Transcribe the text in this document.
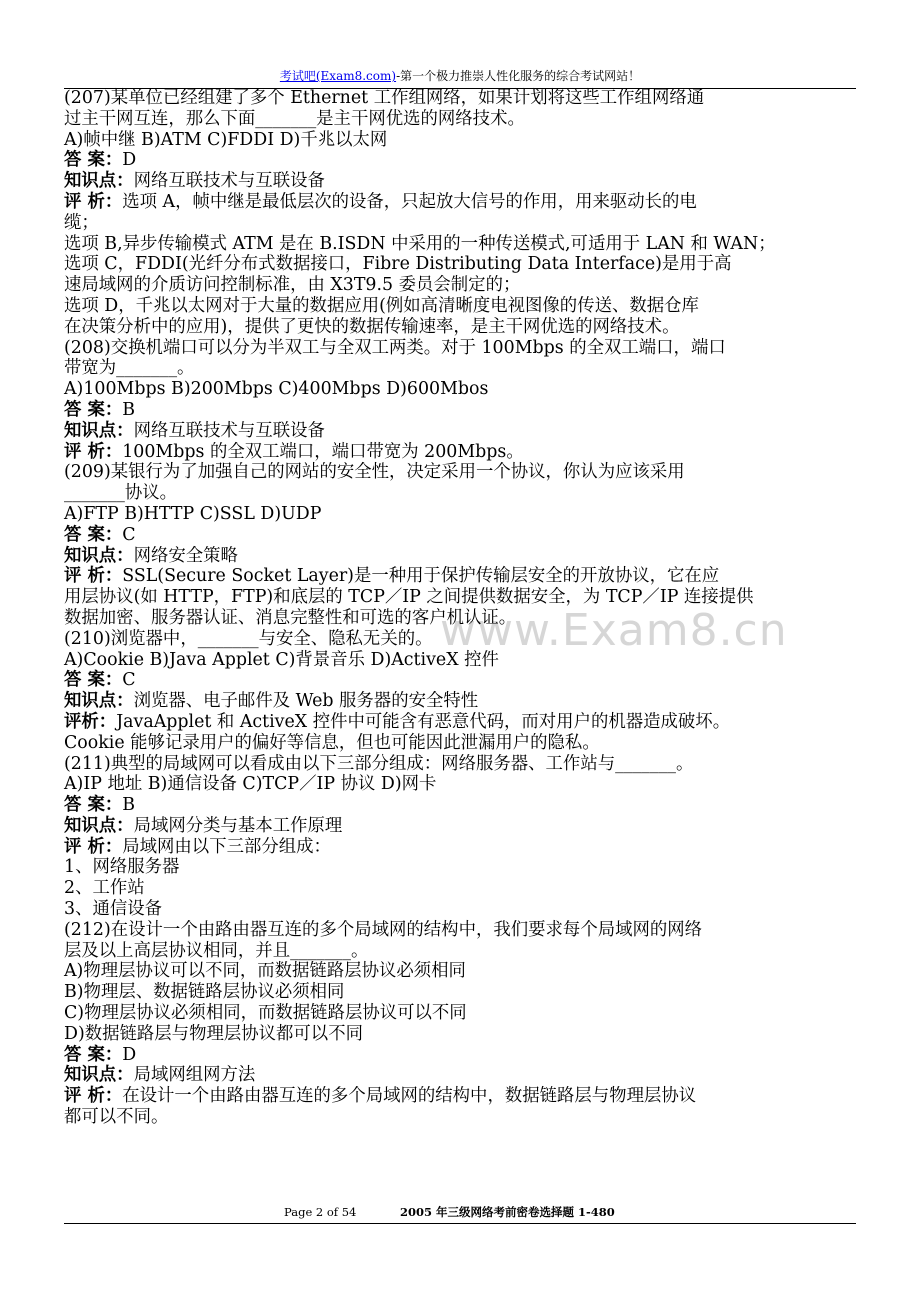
考试吧(Exam8.com)-第一个极力推崇人性化服务的综合考试网站！
www.Exam8.cn
(207)某单位已经组建了多个 Ethernet 工作组网络，如果计划将这些工作组网络通
过主干网互连，那么下面_______是主干网优选的网络技术。
A)帧中继 B)ATM C)FDDI D)千兆以太网
答 案：D
知识点：网络互联技术与互联设备
评 析：选项 A，帧中继是最低层次的设备，只起放大信号的作用，用来驱动长的电
缆；
选项 B,异步传输模式 ATM 是在 B.ISDN 中采用的一种传送模式,可适用于 LAN 和 WAN；
选项 C，FDDI(光纤分布式数据接口，Fibre Distributing Data Interface)是用于高
速局域网的介质访问控制标准，由 X3T9.5 委员会制定的；
选项 D，千兆以太网对于大量的数据应用(例如高清晰度电视图像的传送、数据仓库
在决策分析中的应用)，提供了更快的数据传输速率，是主干网优选的网络技术。
(208)交换机端口可以分为半双工与全双工两类。对于 100Mbps 的全双工端口，端口
带宽为_______。
A)100Mbps B)200Mbps C)400Mbps D)600Mbos
答 案：B
知识点：网络互联技术与互联设备
评 析：100Mbps 的全双工端口，端口带宽为 200Mbps。
(209)某银行为了加强自己的网站的安全性，决定采用一个协议，你认为应该采用
_______协议。
A)FTP B)HTTP C)SSL D)UDP
答 案：C
知识点：网络安全策略
评 析：SSL(Secure Socket Layer)是一种用于保护传输层安全的开放协议，它在应
用层协议(如 HTTP，FTP)和底层的 TCP／IP 之间提供数据安全，为 TCP／IP 连接提供
数据加密、服务器认证、消息完整性和可选的客户机认证。
(210)浏览器中，_______与安全、隐私无关的。
A)Cookie B)Java Applet C)背景音乐 D)ActiveX 控件
答 案：C
知识点：浏览器、电子邮件及 Web 服务器的安全特性
评析：JavaApplet 和 ActiveX 控件中可能含有恶意代码，而对用户的机器造成破坏。
Cookie 能够记录用户的偏好等信息，但也可能因此泄漏用户的隐私。
(211)典型的局域网可以看成由以下三部分组成：网络服务器、工作站与_______。
A)IP 地址 B)通信设备 C)TCP／IP 协议 D)网卡
答 案：B
知识点：局域网分类与基本工作原理
评 析：局域网由以下三部分组成：
1、网络服务器
2、工作站
3、通信设备
(212)在设计一个由路由器互连的多个局域网的结构中，我们要求每个局域网的网络
层及以上高层协议相同，并且_______。
A)物理层协议可以不同，而数据链路层协议必须相同
B)物理层、数据链路层协议必须相同
C)物理层协议必须相同，而数据链路层协议可以不同
D)数据链路层与物理层协议都可以不同
答 案：D
知识点：局域网组网方法
评 析：在设计一个由路由器互连的多个局域网的结构中，数据链路层与物理层协议
都可以不同。
Page 2 of 54	2005 年三级网络考前密卷选择题 1-480
